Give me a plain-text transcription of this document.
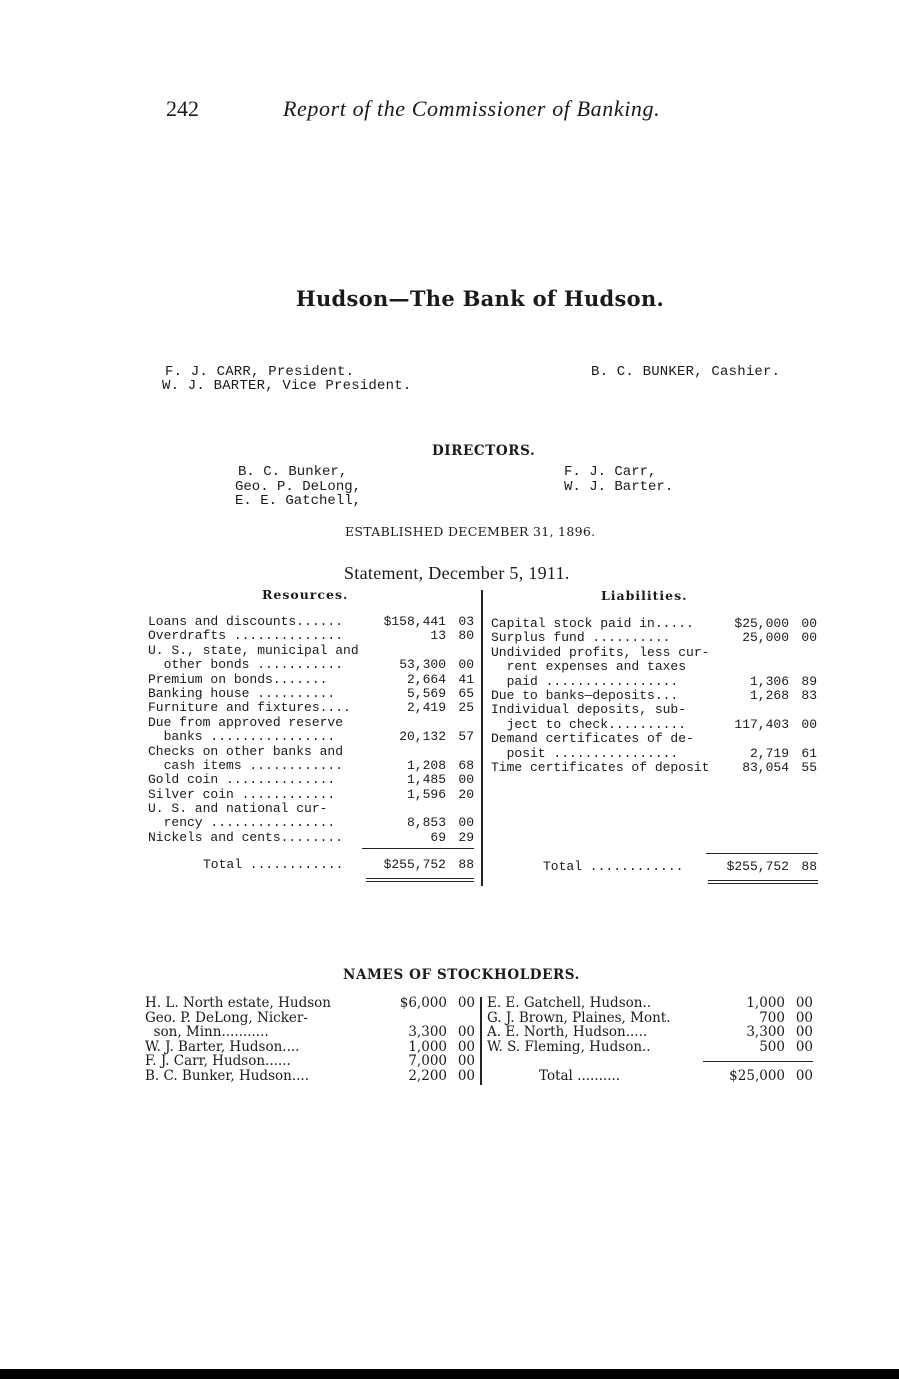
242	Report of the Commissioner of Banking.
Hudson—The Bank of Hudson.
F. J. CARR, President.
W. J. BARTER, Vice President.
B. C. BUNKER, Cashier.
DIRECTORS.
B. C. Bunker,
Geo. P. DeLong,
E. E. Gatchell,
F. J. Carr,
W. J. Barter.
ESTABLISHED DECEMBER 31, 1896.
Statement, December 5, 1911.
Resources.	Liabilities.
Loans and discounts......	$158,441 03
Overdrafts ..............	13 80
U. S., state, municipal and
other bonds ...........	53,300 00
Premium on bonds.......	2,664 41
Banking house ..........	5,569 65
Furniture and fixtures....	2,419 25
Due from approved reserve
banks ................	20,132 57
Checks on other banks and
cash items ............	1,208 68
Gold coin ..............	1,485 00
Silver coin ............	1,596 20
U. S. and national cur-
rency ................	8,853 00
Nickels and cents........	69 29
Total ............	$255,752 88
Capital stock paid in.....	$25,000 00
Surplus fund ..........	25,000 00
Undivided profits, less cur-
rent expenses and taxes
paid .................	1,306 89
Due to banks—deposits...	1,268 83
Individual deposits, sub-
ject to check..........	117,403 00
Demand certificates of de-
posit ................	2,719 61
Time certificates of deposit	83,054 55
Total ............	$255,752 88
NAMES OF STOCKHOLDERS.
H. L. North estate, Hudson	$6,000 00
Geo. P. DeLong, Nicker-
son, Minn...........	3,300 00
W. J. Barter, Hudson....	1,000 00
F. J. Carr, Hudson......	7,000 00
B. C. Bunker, Hudson....	2,200 00
E. E. Gatchell, Hudson..	1,000 00
G. J. Brown, Plaines, Mont.	700 00
A. E. North, Hudson.....	3,300 00
W. S. Fleming, Hudson..	500 00
Total ..........	$25,000 00
